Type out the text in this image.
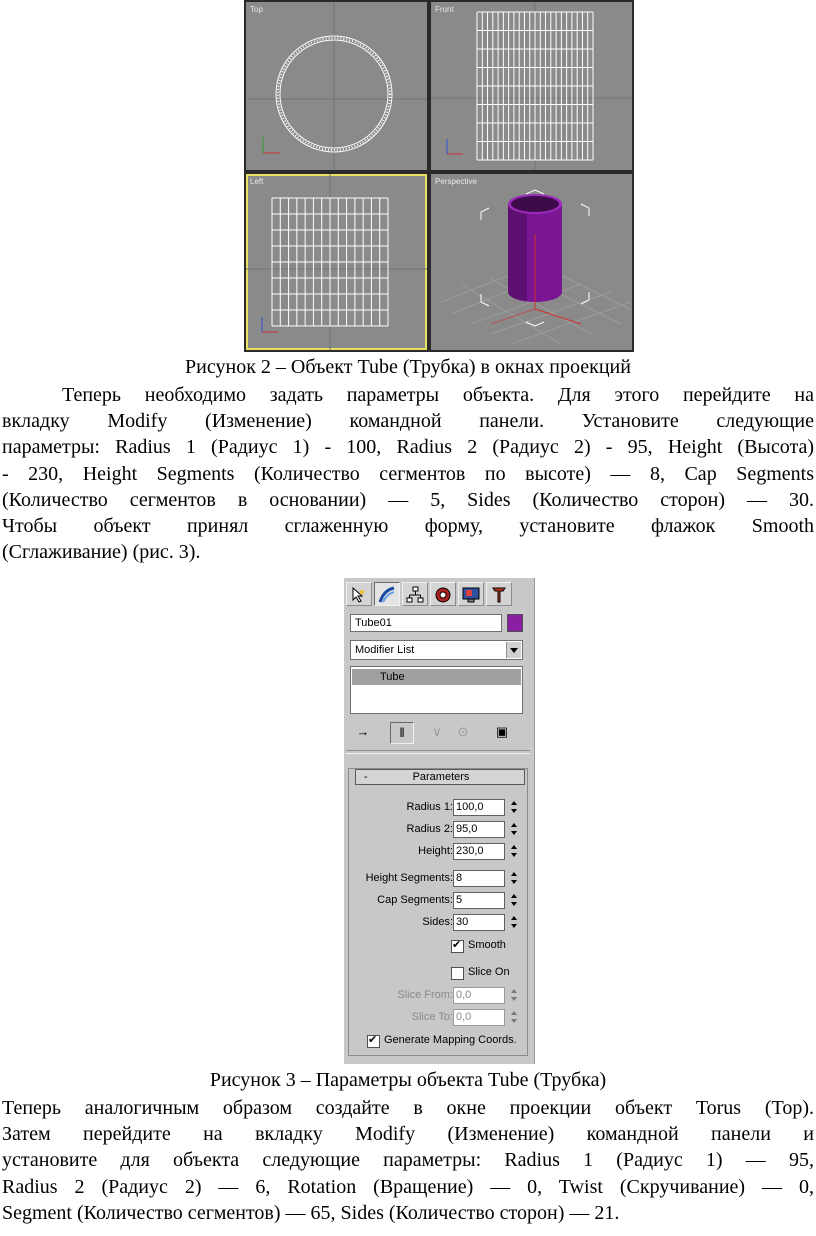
Top	Front
Left	Perspective
Рисунок 2 – Объект Tube (Трубка) в окнах проекций
Теперь необходимо задать параметры объекта. Для этого перейдите на
вкладку Modify (Изменение) командной панели. Установите следующие
параметры: Radius 1 (Радиус 1) - 100, Radius 2 (Радиус 2) - 95, Height (Высота)
- 230, Height Segments (Количество сегментов по высоте) — 8, Cap Segments
(Количество сегментов в основании) — 5, Sides (Количество сторон) — 30.
Чтобы объект принял сглаженную форму, установите флажок Smooth
(Сглаживание) (рис. 3).
Tube01
Modifier List
Tube
→	‖	∨	⊙ ▣
-	Parameters
Radius 1: 100,0
Radius 2: 95,0
Height: 230,0
Height Segments: 8
Cap Segments: 5
Sides: 30
✔
Smooth
Slice On
Slice From: 0,0
Slice To: 0,0
✔
Generate Mapping Coords.
Рисунок 3 – Параметры объекта Tube (Трубка)
Теперь аналогичным образом создайте в окне проекции объект Torus (Top).
Затем перейдите на вкладку Modify (Изменение) командной панели и
установите для объекта следующие параметры: Radius 1 (Радиус 1) — 95,
Radius 2 (Радиус 2) — 6, Rotation (Вращение) — 0, Twist (Скручивание) — 0,
Segment (Количество сегментов) — 65, Sides (Количество сторон) — 21.
